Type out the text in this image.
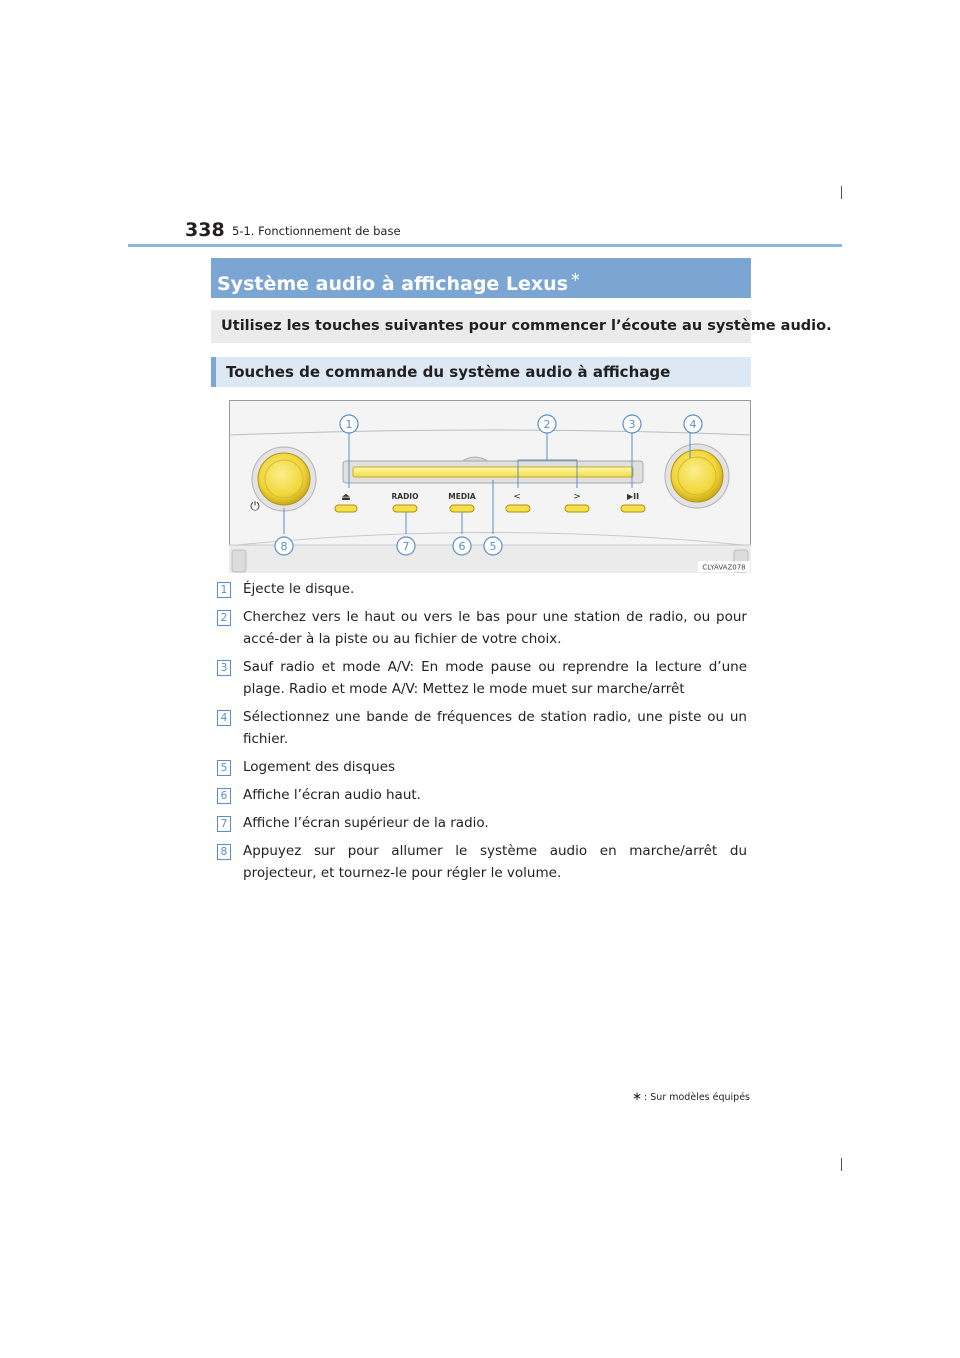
338 5-1. Fonctionnement de base
Système audio à affichage Lexus ∗
Utilisez les touches suivantes pour commencer l’écoute au système audio.
Touches de commande du système audio à affichage
⏻
⏏	RADIO	MEDIA	<	>	▶II
1	2	3	4
5
6
7
8
CLYAVAZ078
1 Éjecte le disque.
2 Cherchez vers le haut ou vers le bas pour une station de radio, ou pour accé-der à la piste ou au fichier de votre choix.
3 Sauf radio et mode A/V: En mode pause ou reprendre la lecture d’une plage. Radio et mode A/V: Mettez le mode muet sur marche/arrêt
4 Sélectionnez une bande de fréquences de station radio, une piste ou un fichier.
5 Logement des disques
6 Affiche l’écran audio haut.
7 Affiche l’écran supérieur de la radio.
8 Appuyez sur pour allumer le système audio en marche/arrêt du projecteur, et tournez-le pour régler le volume.
∗ : Sur modèles équipés
